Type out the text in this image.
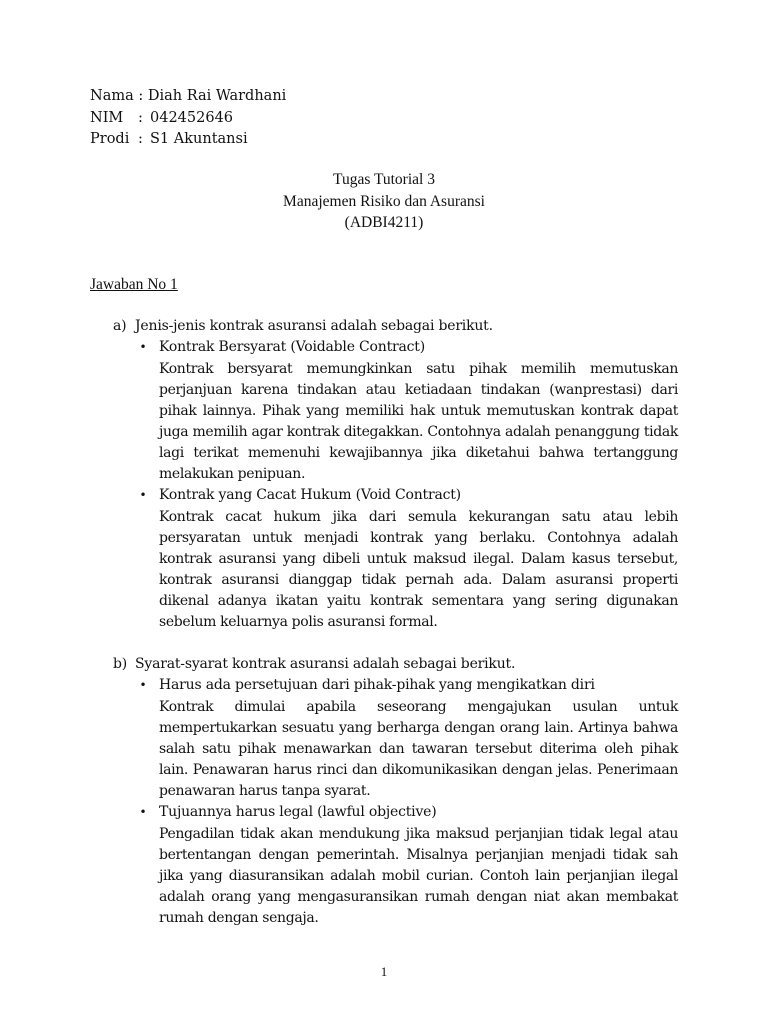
Nama : Diah Rai Wardhani
NIM : 042452646
Prodi : S1 Akuntansi
Tugas Tutorial 3
Manajemen Risiko dan Asuransi
(ADBI4211)
Jawaban No 1
a) Jenis-jenis kontrak asuransi adalah sebagai berikut.
• Kontrak Bersyarat (Voidable Contract)
Kontrak bersyarat memungkinkan satu pihak memilih memutuskan perjanjuan karena tindakan atau ketiadaan tindakan (wanprestasi) dari pihak lainnya. Pihak yang memiliki hak untuk memutuskan kontrak dapat juga memilih agar kontrak ditegakkan. Contohnya adalah penanggung tidak lagi terikat memenuhi kewajibannya jika diketahui bahwa tertanggung melakukan penipuan.
• Kontrak yang Cacat Hukum (Void Contract)
Kontrak cacat hukum jika dari semula kekurangan satu atau lebih persyaratan untuk menjadi kontrak yang berlaku. Contohnya adalah kontrak asuransi yang dibeli untuk maksud ilegal. Dalam kasus tersebut, kontrak asuransi dianggap tidak pernah ada. Dalam asuransi properti dikenal adanya ikatan yaitu kontrak sementara yang sering digunakan sebelum keluarnya polis asuransi formal.
b) Syarat-syarat kontrak asuransi adalah sebagai berikut.
• Harus ada persetujuan dari pihak-pihak yang mengikatkan diri
Kontrak dimulai apabila seseorang mengajukan usulan untuk mempertukarkan sesuatu yang berharga dengan orang lain. Artinya bahwa salah satu pihak menawarkan dan tawaran tersebut diterima oleh pihak lain. Penawaran harus rinci dan dikomunikasikan dengan jelas. Penerimaan penawaran harus tanpa syarat.
• Tujuannya harus legal (lawful objective)
Pengadilan tidak akan mendukung jika maksud perjanjian tidak legal atau bertentangan dengan pemerintah. Misalnya perjanjian menjadi tidak sah jika yang diasuransikan adalah mobil curian. Contoh lain perjanjian ilegal adalah orang yang mengasuransikan rumah dengan niat akan membakat rumah dengan sengaja.
1
